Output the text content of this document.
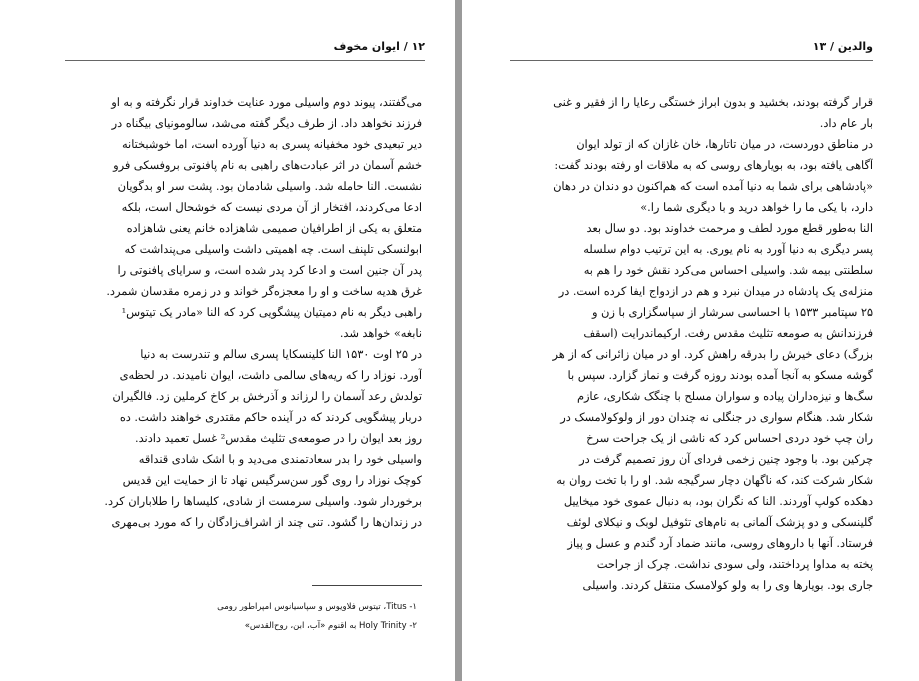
۱۲ / ایوان مخوف
می‌گفتند، پیوند دوم واسیلی مورد عنایت خداوند قرار نگرفته و به او
فرزند نخواهد داد. از طرف دیگر گفته می‌شد، سالومونیای بیگناه در
دیر تبعیدی خود مخفیانه پسری به دنیا آورده است، اما خوشبختانه
خشم آسمان در اثر عبادت‌های راهبی به نام پافنوتی بروفسکی فرو
نشست. النا حامله شد. واسیلی شادمان بود. پشت سر او بدگویان
ادعا می‌کردند، افتخار از آن مردی نیست که خوشحال است، بلکه
متعلق به یکی از اطرافیان صمیمی شاهزاده خانم یعنی شاهزاده
ابولنسکی تلپنف است. چه اهمیتی داشت واسیلی می‌پنداشت که
پدر آن جنین است و ادعا کرد پدر شده است، و سرایای پافنوتی را
غرق هدیه ساخت و او را معجزه‌گر خواند و در زمره مقدسان شمرد.
راهبی دیگر به نام دمیتیان پیشگویی کرد که النا «مادر یک تیتوس¹
نابغه» خواهد شد.
در ۲۵ اوت ۱۵۳۰ النا کلینسکایا پسری سالم و تندرست به دنیا
آورد. نوزاد را که ریه‌های سالمی داشت، ایوان نامیدند. در لحظه‌ی
تولدش رعد آسمان را لرزاند و آذرخش بر کاخ کرملین زد. فالگیران
دربار پیشگویی کردند که در آینده حاکم مقتدری خواهند داشت. ده
روز بعد ایوان را در صومعه‌ی تثلیث مقدس² غسل تعمید دادند.
واسیلی خود را بدر سعادتمندی می‌دید و با اشک شادی قنداقه
کوچک نوزاد را روی گور سن‌سرگیس نهاد تا از حمایت این قدیس
برخوردار شود. واسیلی سرمست از شادی، کلیساها را طلاباران کرد.
در زندان‌ها را گشود. تنی چند از اشراف‌زادگان را که مورد بی‌مهری
۱- Titus، تیتوس فلاویوس و سپاسیانوس امپراطور رومی
۲- Holy Trinity به اقنوم «آب، ابن، روح‌القدس»
والدین / ۱۳
قرار گرفته بودند، بخشید و بدون ابراز خستگی رعایا را از فقیر و غنی
بار عام داد.
در مناطق دوردست، در میان تاتارها، خان غازان که از تولد ایوان
آگاهی یافته بود، به بویارهای روسی که به ملاقات او رفته بودند گفت:
«پادشاهی برای شما به دنیا آمده است که هم‌اکنون دو دندان در دهان
دارد، با یکی ما را خواهد درید و با دیگری شما را.»
النا به‌طور قطع مورد لطف و مرحمت خداوند بود. دو سال بعد
پسر دیگری به دنیا آورد به نام یوری. به این ترتیب دوام سلسله
سلطنتی بیمه شد. واسیلی احساس می‌کرد نقش خود را هم به
منزله‌ی یک پادشاه در میدان نبرد و هم در ازدواج ایفا کرده است. در
۲۵ سپتامبر ۱۵۳۳ با احساسی سرشار از سپاسگزاری با زن و
فرزندانش به صومعه تثلیث مقدس رفت. ارکیماندرایت (اسقف
بزرگ) دعای خیرش را بدرقه راهش کرد. او در میان زائرانی که از هر
گوشه مسکو به آنجا آمده بودند روزه گرفت و نماز گزارد. سپس با
سگ‌ها و نیزه‌داران پیاده و سواران مسلح با چنگک شکاری، عازم
شکار شد. هنگام سواری در جنگلی نه چندان دور از ولوکولامسک در
ران چپ خود دردی احساس کرد که ناشی از یک جراحت سرخ
چرکین بود. با وجود چنین زخمی فردای آن روز تصمیم گرفت در
شکار شرکت کند، که ناگهان دچار سرگیجه شد. او را با تخت روان به
دهکده کولپ آوردند. النا که نگران بود، به دنبال عموی خود میخاییل
گلینسکی و دو پزشک آلمانی به نام‌های تئوفیل لوبک و نیکلای لوئف
فرستاد. آنها با داروهای روسی، مانند ضماد آرد گندم و عسل و پیاز
پخته به مداوا پرداختند، ولی سودی نداشت. چرک از جراحت
جاری بود. بویارها وی را به ولو کولامسک منتقل کردند. واسیلی
